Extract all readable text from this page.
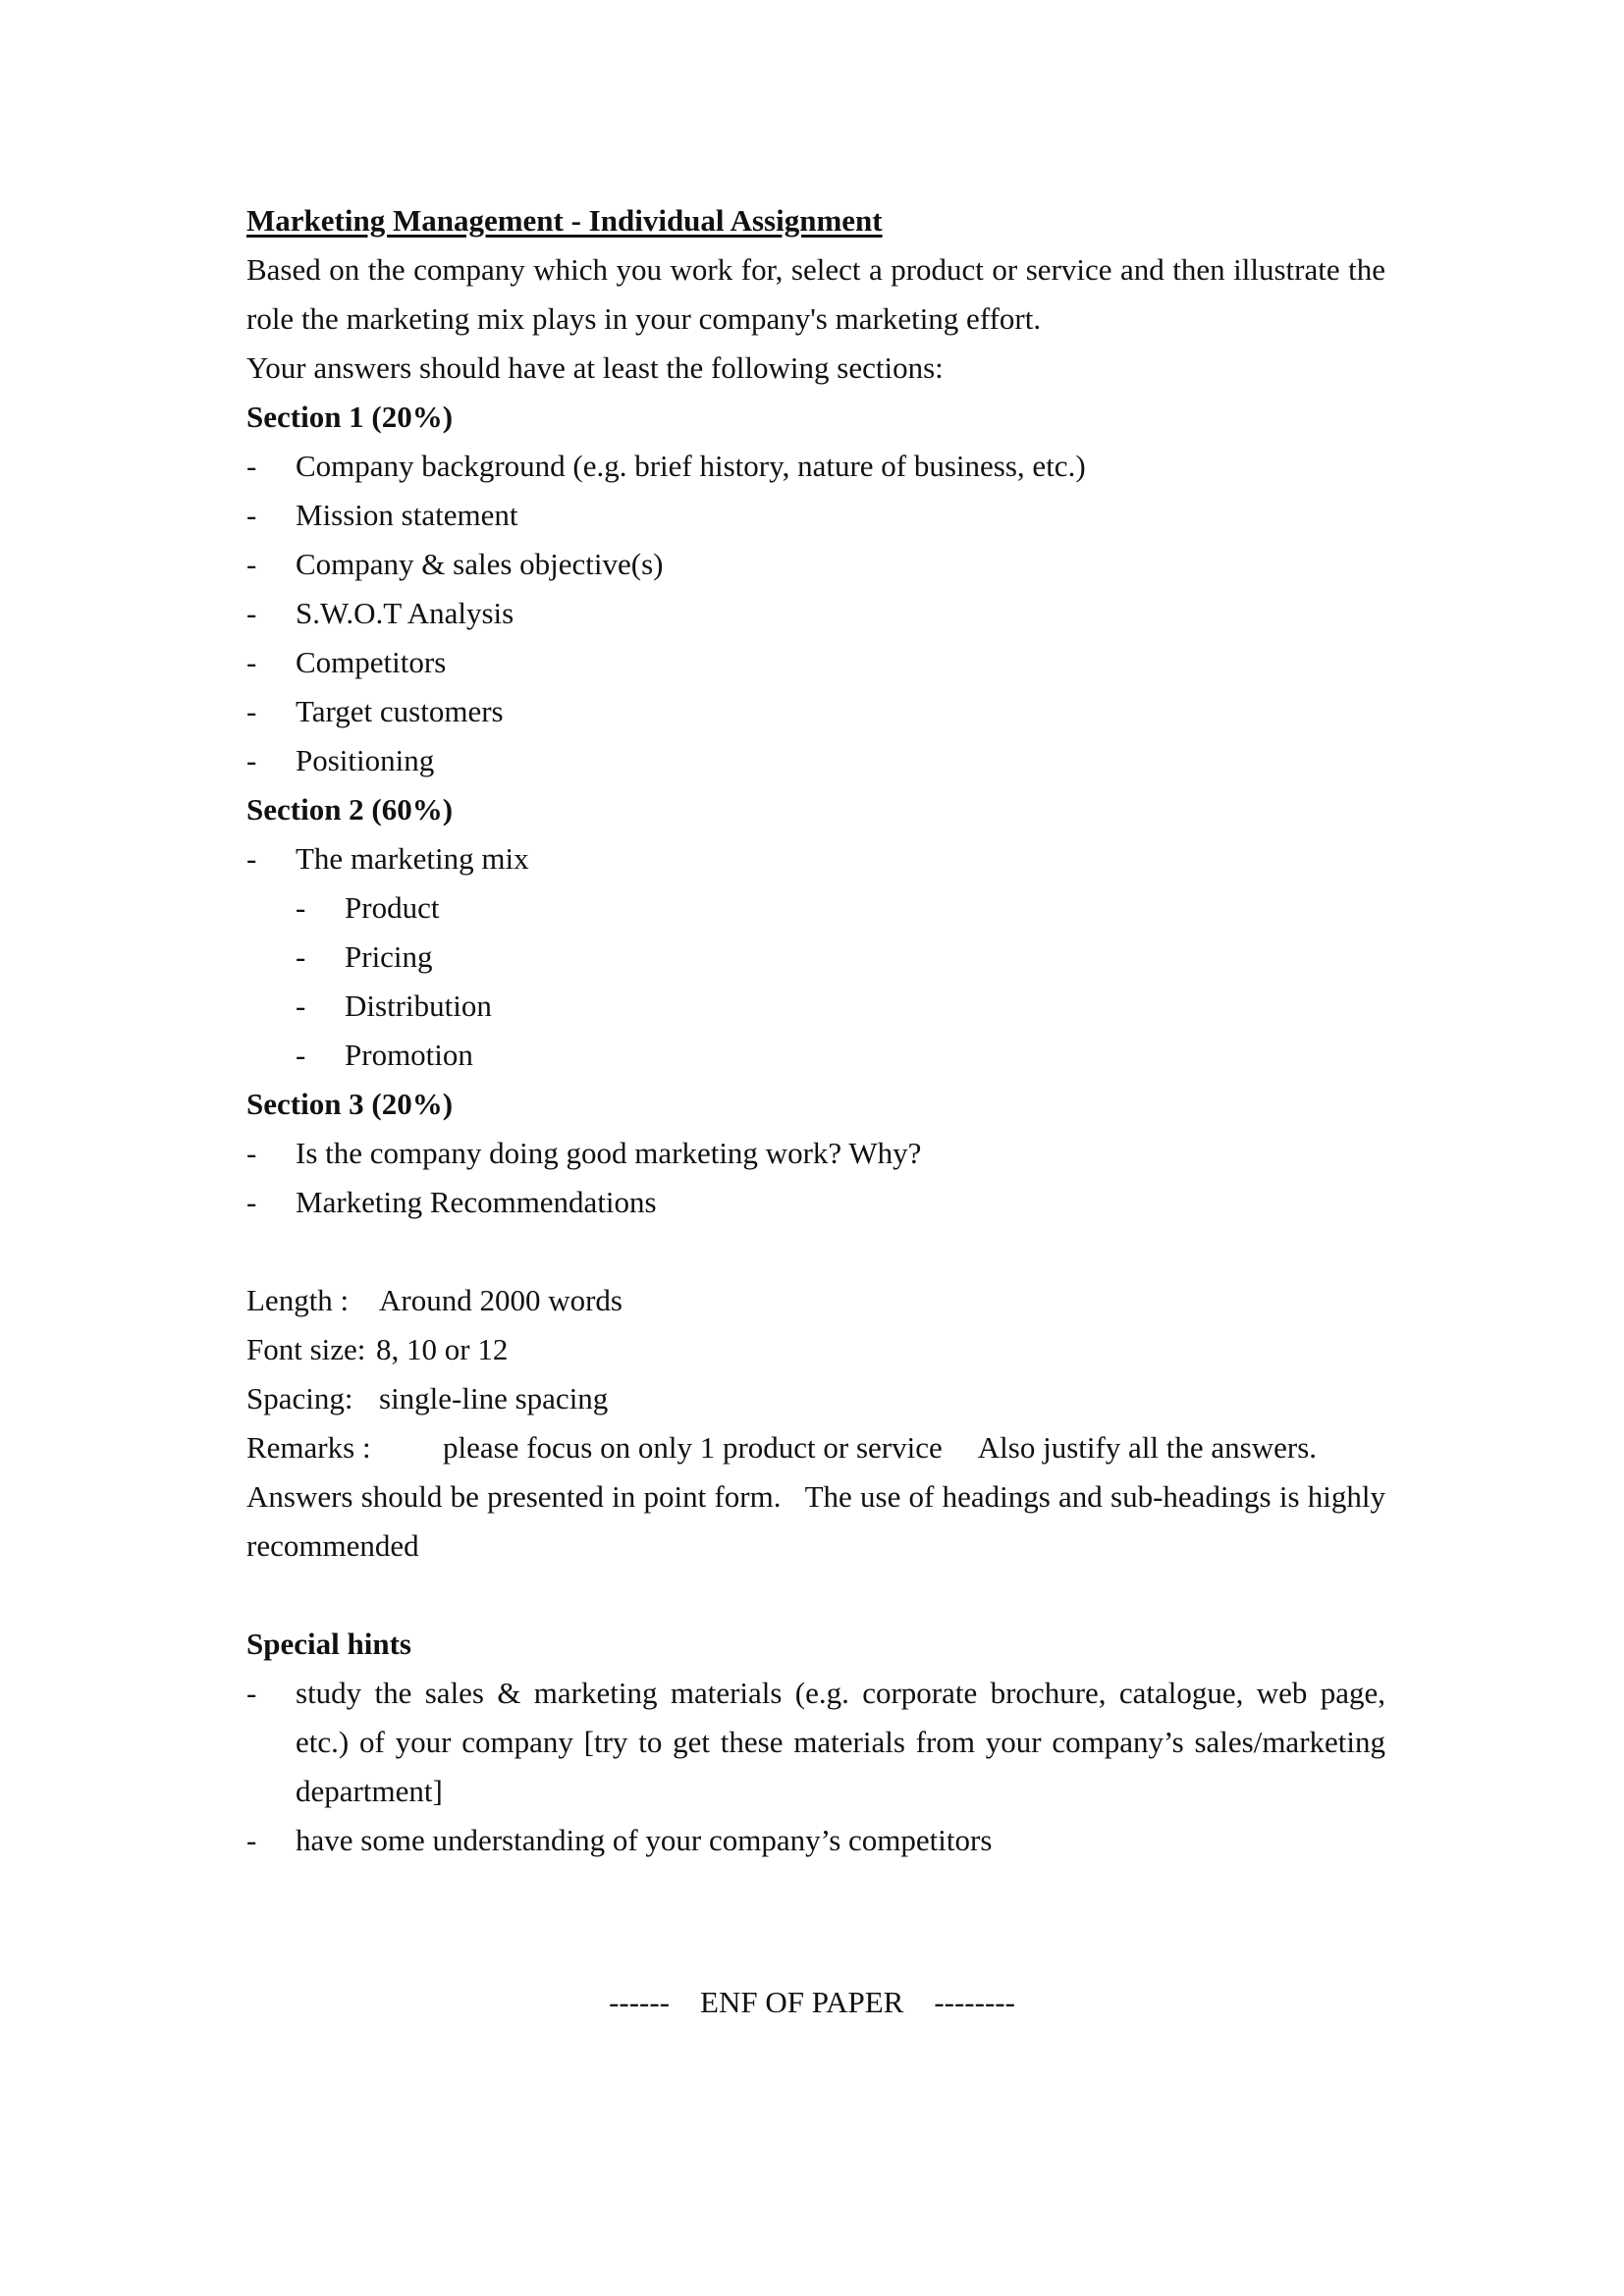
Marketing Management - Individual Assignment
Based on the company which you work for, select a product or service and then illustrate the role the marketing mix plays in your company's marketing effort.
Your answers should have at least the following sections:
Section 1 (20%)
- Company background (e.g. brief history, nature of business, etc.)
- Mission statement
- Company & sales objective(s)
- S.W.O.T Analysis
- Competitors
- Target customers
- Positioning
Section 2 (60%)
- The marketing mix
- Product
- Pricing
- Distribution
- Promotion
Section 3 (20%)
- Is the company doing good marketing work? Why?
- Marketing Recommendations
Length : Around 2000 words
Font size: 8, 10 or 12
Spacing: single-line spacing
Remarks :	please focus on only 1 product or service Also justify all the answers.
Answers should be presented in point form.   The use of headings and sub-headings is highly recommended
Special hints
- study the sales & marketing materials (e.g. corporate brochure, catalogue, web page, etc.) of your company [try to get these materials from your company’s sales/marketing department]
- have some understanding of your company’s competitors
------    ENF OF PAPER    --------
